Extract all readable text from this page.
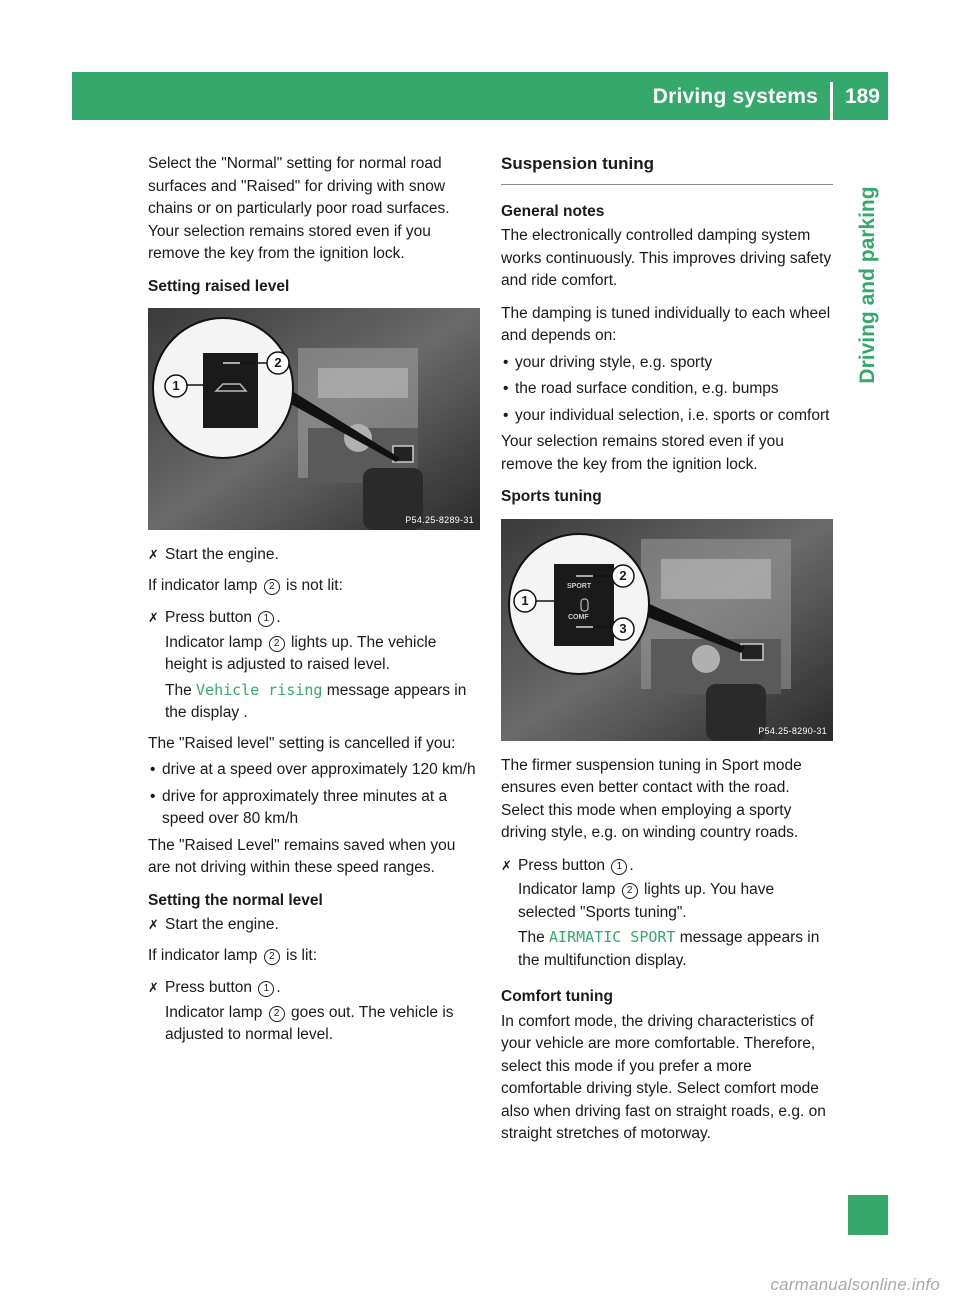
Driving systems 189
Driving and parking

Select the "Normal" setting for normal road surfaces and "Raised" for driving with snow chains or on particularly poor road surfaces. Your selection remains stored even if you remove the key from the ignition lock.

Setting raised level

1
2
P54.25-8289-31
✗ Start the engine.

If indicator lamp 2 is not lit:

✗ Press button 1 .

Indicator lamp 2 lights up. The vehicle height is adjusted to raised level.

The Vehicle rising message appears in the display .

The "Raised level" setting is cancelled if you:

• drive at a speed over approximately 120 km/h
• drive for approximately three minutes at a speed over 80 km/h

The "Raised Level" remains saved when you are not driving within these speed ranges.

Setting the normal level

✗ Start the engine.

If indicator lamp 2 is lit:

✗ Press button 1 .

Indicator lamp 2 goes out. The vehicle is adjusted to normal level.

Suspension tuning

General notes

The electronically controlled damping system works continuously. This improves driving safety and ride comfort.

The damping is tuned individually to each wheel and depends on:

• your driving style, e.g. sporty
• the road surface condition, e.g. bumps
• your individual selection, i.e. sports or comfort

Your selection remains stored even if you remove the key from the ignition lock.

Sports tuning

SPORT
COMF
1
2
3
P54.25-8290-31

The firmer suspension tuning in Sport mode ensures even better contact with the road. Select this mode when employing a sporty driving style, e.g. on winding country roads.

✗ Press button 1 .

Indicator lamp 2 lights up. You have selected "Sports tuning".

The AIRMATIC SPORT message appears in the multifunction display.

Comfort tuning

In comfort mode, the driving characteristics of your vehicle are more comfortable. Therefore, select this mode if you prefer a more comfortable driving style. Select comfort mode also when driving fast on straight roads, e.g. on straight stretches of motorway.

carmanualsonline.info
